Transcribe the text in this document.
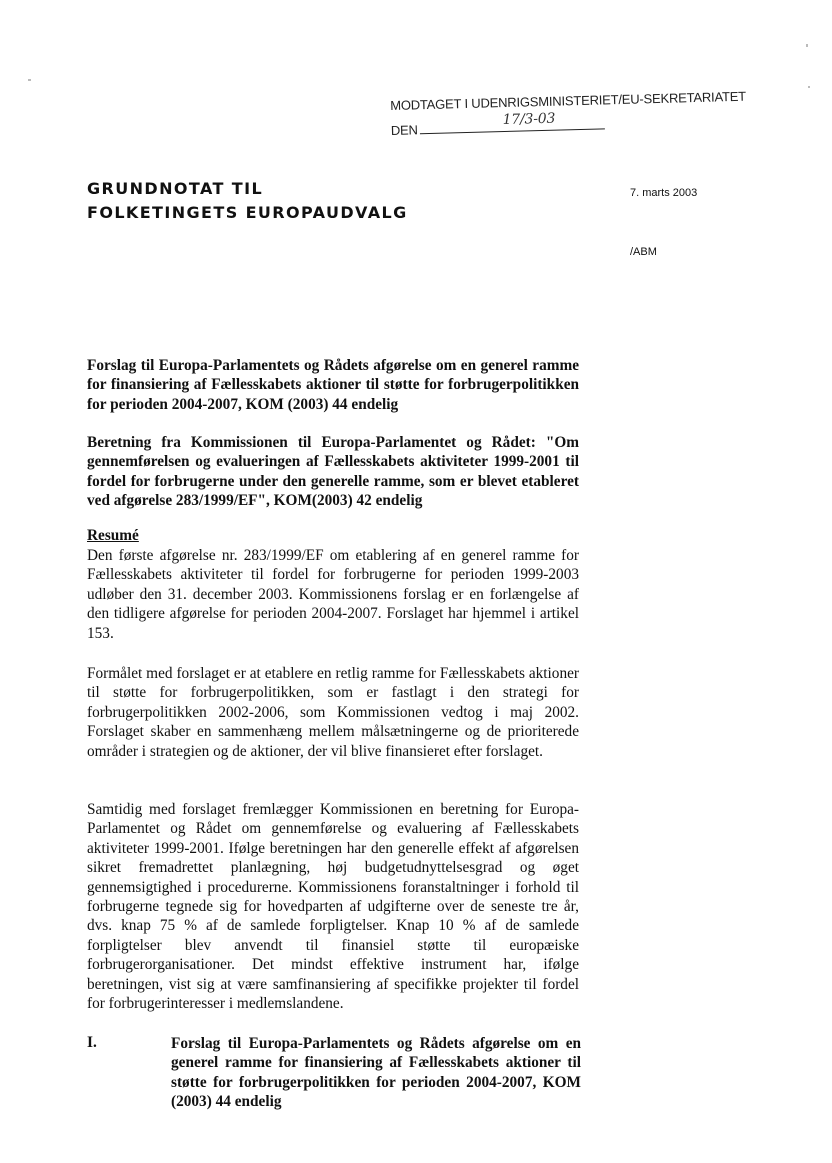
MODTAGET I UDENRIGSMINISTERIET/EU-SEKRETARIATET
DEN
17/3-03
GRUNDNOTAT TIL
FOLKETINGETS EUROPAUDVALG
7. marts 2003
/ABM
Forslag til Europa-Parlamentets og Rådets afgørelse om en generel ramme for finansiering af Fællesskabets aktioner til støtte for forbrugerpolitikken for perioden 2004-2007, KOM (2003) 44 endelig
Beretning fra Kommissionen til Europa-Parlamentet og Rådet: "Om gennemførelsen og evalueringen af Fællesskabets aktiviteter 1999-2001 til fordel for forbrugerne under den generelle ramme, som er blevet etableret ved afgørelse 283/1999/EF", KOM(2003) 42 endelig
Resumé
Den første afgørelse nr. 283/1999/EF om etablering af en generel ramme for Fællesskabets aktiviteter til fordel for forbrugerne for perioden 1999-2003 udløber den 31. december 2003. Kommissionens forslag er en forlængelse af den tidligere afgørelse for perioden 2004-2007. Forslaget har hjemmel i artikel 153.
Formålet med forslaget er at etablere en retlig ramme for Fællesskabets aktioner til støtte for forbrugerpolitikken, som er fastlagt i den strategi for forbrugerpolitikken 2002-2006, som Kommissionen vedtog i maj 2002. Forslaget skaber en sammenhæng mellem målsætningerne og de prioriterede områder i strategien og de aktioner, der vil blive finansieret efter forslaget.
Samtidig med forslaget fremlægger Kommissionen en beretning for Europa-Parlamentet og Rådet om gennemførelse og evaluering af Fællesskabets aktiviteter 1999-2001. Ifølge beretningen har den generelle effekt af afgørelsen sikret fremadrettet planlægning, høj budgetudnyttelsesgrad og øget gennemsigtighed i procedurerne. Kommissionens foranstaltninger i forhold til forbrugerne tegnede sig for hovedparten af udgifterne over de seneste tre år, dvs. knap 75 % af de samlede forpligtelser. Knap 10 % af de samlede forpligtelser blev anvendt til finansiel støtte til europæiske forbrugerorganisationer. Det mindst effektive instrument har, ifølge beretningen, vist sig at være samfinansiering af specifikke projekter til fordel for forbrugerinteresser i medlemslandene.
I.	Forslag til Europa-Parlamentets og Rådets afgørelse om en generel ramme for finansiering af Fællesskabets aktioner til støtte for forbrugerpolitikken for perioden 2004-2007, KOM (2003) 44 endelig
